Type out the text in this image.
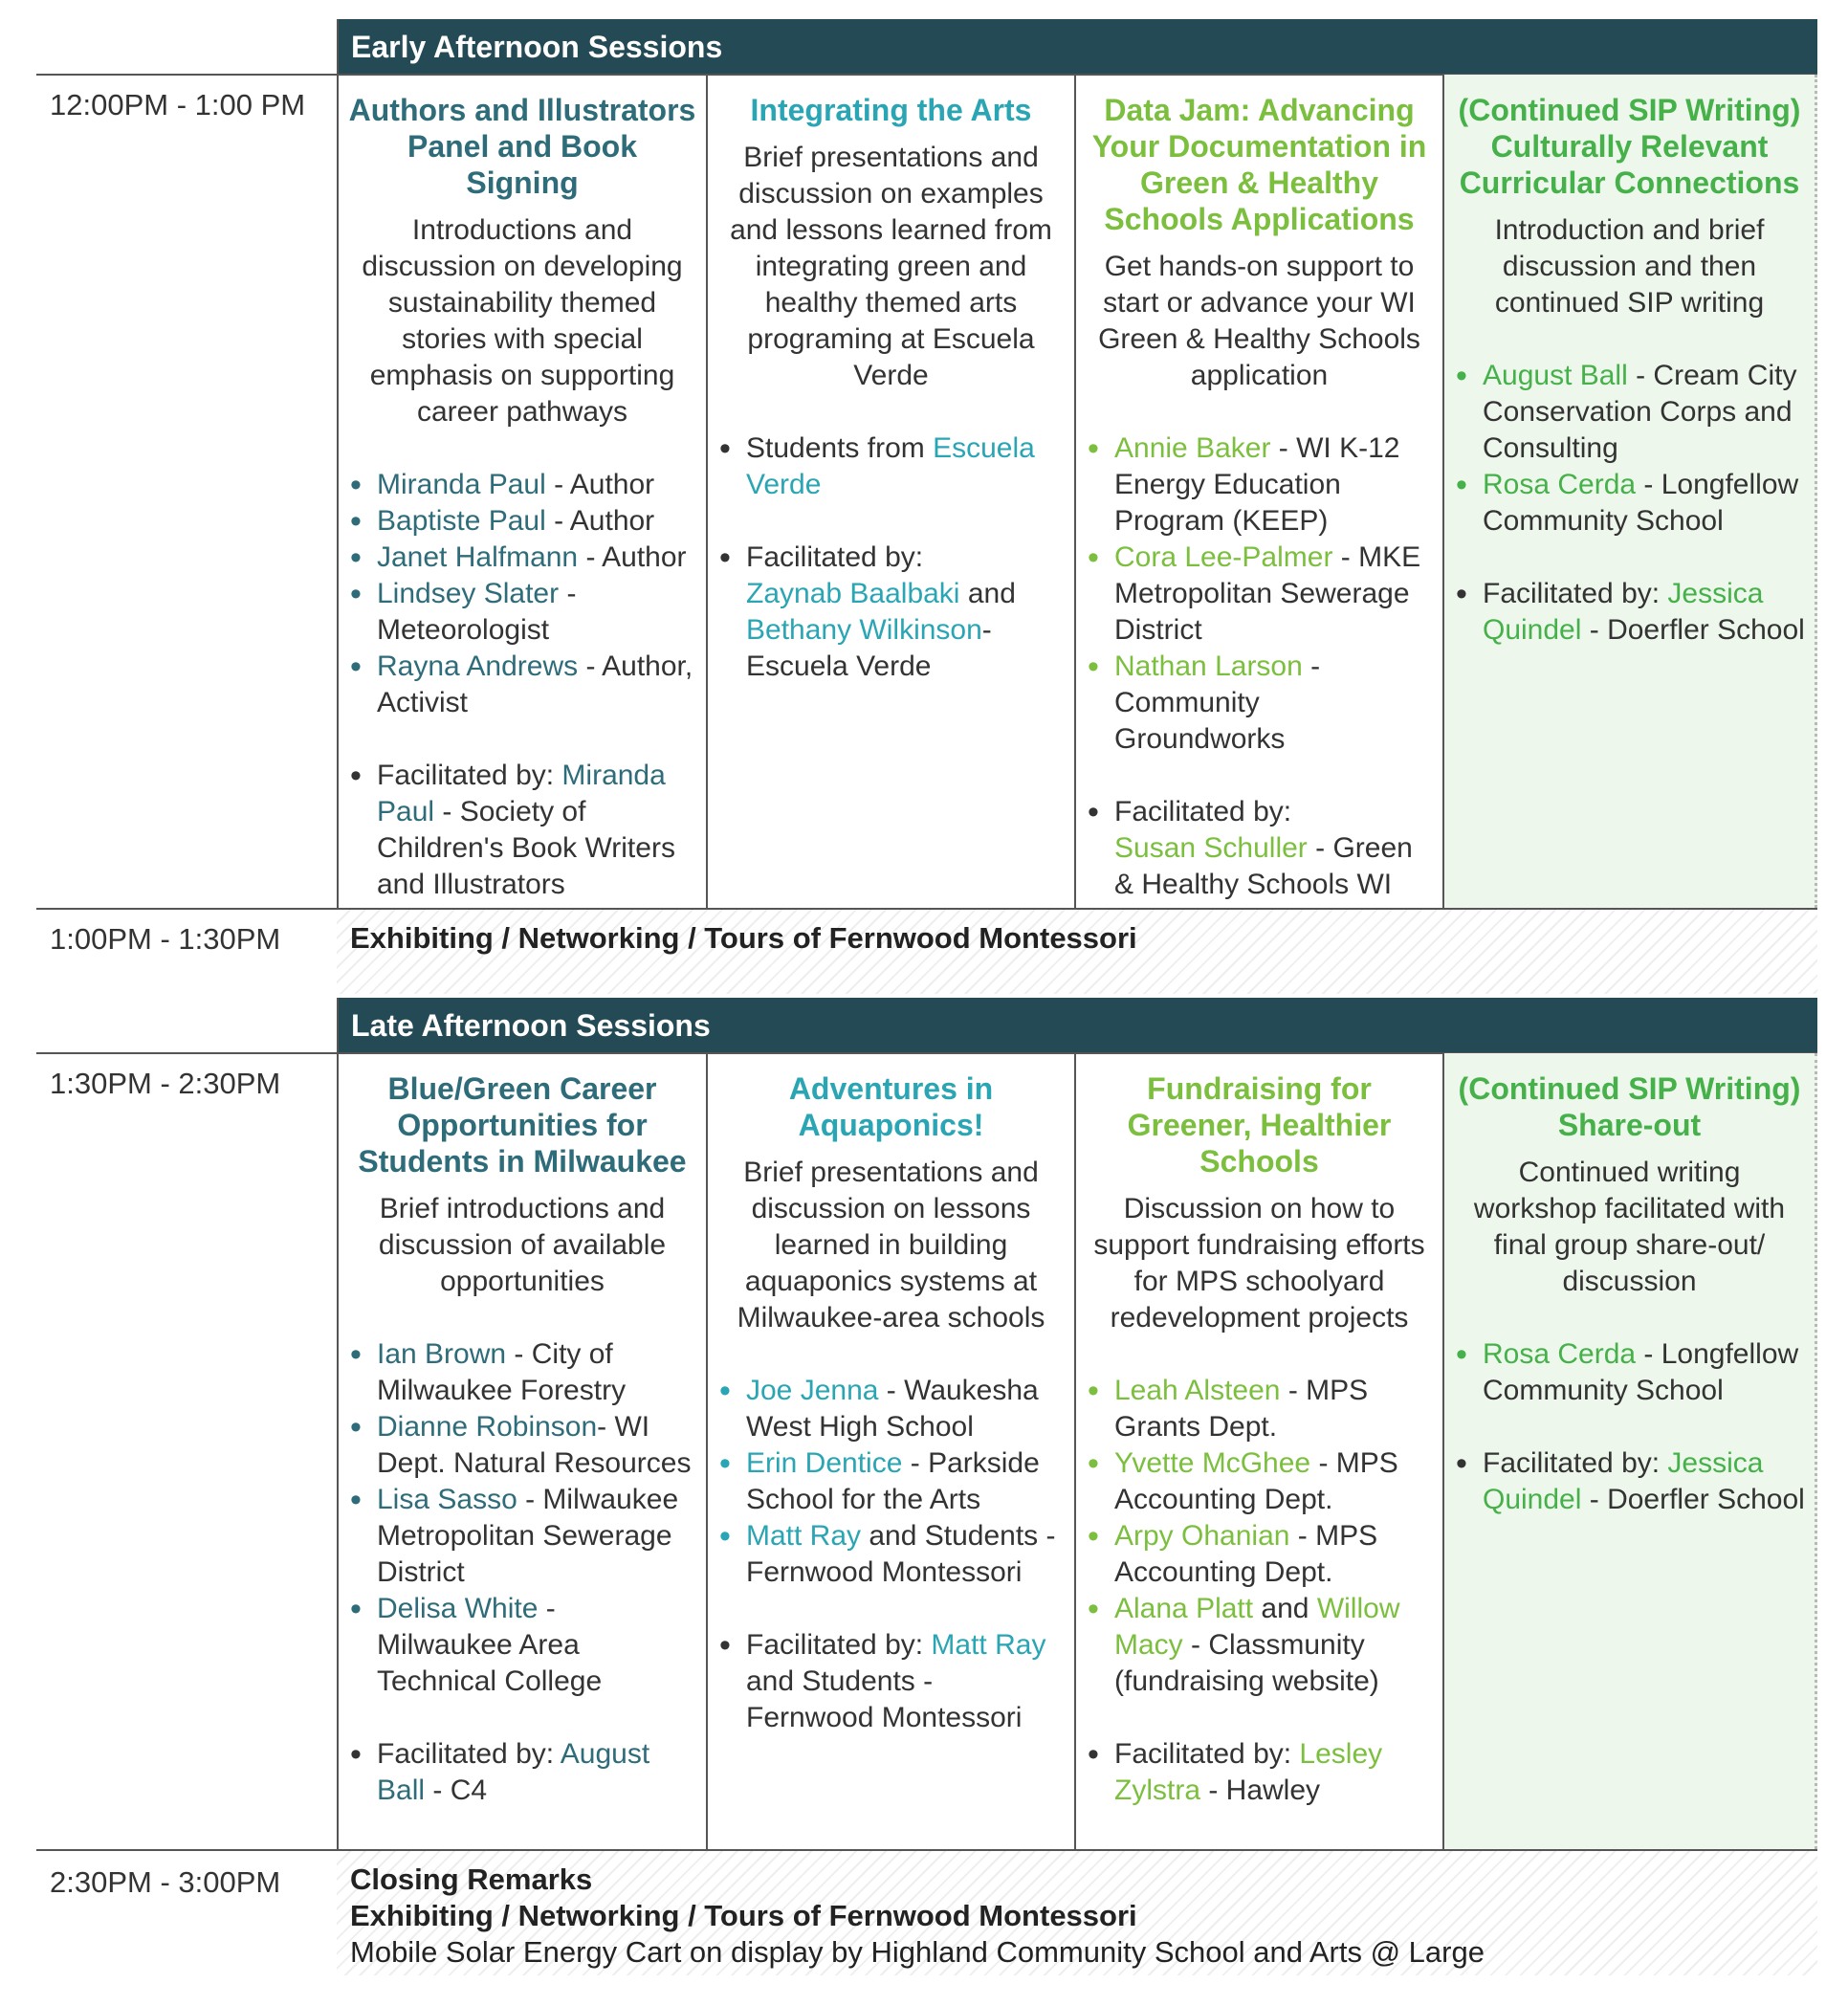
Early Afternoon Sessions
12:00PM - 1:00 PM Authors and Illustrators Panel and Book Signing
Introductions and discussion on developing sustainability themed stories with special emphasis on supporting career pathways
• Miranda Paul - Author
• Baptiste Paul - Author
• Janet Halfmann - Author
• Lindsey Slater - Meteorologist
• Rayna Andrews - Author, Activist
• Facilitated by: Miranda Paul - Society of Children's Book Writers and Illustrators
Integrating the Arts
Brief presentations and discussion on examples and lessons learned from integrating green and healthy themed arts programing at Escuela Verde
• Students from Escuela Verde
• Facilitated by:
Zaynab Baalbaki and Bethany Wilkinson- Escuela Verde
Data Jam: Advancing Your Documentation in Green & Healthy Schools Applications
Get hands-on support to start or advance your WI Green & Healthy Schools application
• Annie Baker - WI K-12 Energy Education Program (KEEP)
• Cora Lee-Palmer - MKE Metropolitan Sewerage District
• Nathan Larson - Community Groundworks
• Facilitated by:
Susan Schuller - Green & Healthy Schools WI
(Continued SIP Writing) Culturally Relevant Curricular Connections
Introduction and brief discussion and then continued SIP writing
• August Ball - Cream City Conservation Corps and Consulting
• Rosa Cerda - Longfellow Community School
• Facilitated by: Jessica Quindel - Doerfler School
1:00PM - 1:30PM Exhibiting / Networking / Tours of Fernwood Montessori
Late Afternoon Sessions
1:30PM - 2:30PM	Blue/Green Career Opportunities for Students in Milwaukee
Brief introductions and discussion of available opportunities
• Ian Brown - City of Milwaukee Forestry
• Dianne Robinson- WI Dept. Natural Resources
• Lisa Sasso - Milwaukee Metropolitan Sewerage District
• Delisa White - Milwaukee Area Technical College
• Facilitated by: August Ball - C4
Adventures in Aquaponics!
Brief presentations and discussion on lessons learned in building aquaponics systems at Milwaukee-area schools
• Joe Jenna - Waukesha West High School
• Erin Dentice - Parkside School for the Arts
• Matt Ray and Students - Fernwood Montessori
• Facilitated by: Matt Ray and Students - Fernwood Montessori
Fundraising for Greener, Healthier Schools
Discussion on how to support fundraising efforts for MPS schoolyard redevelopment projects
• Leah Alsteen - MPS Grants Dept.
• Yvette McGhee - MPS Accounting Dept.
• Arpy Ohanian - MPS Accounting Dept.
• Alana Platt and Willow Macy - Classmunity (fundraising website)
• Facilitated by: Lesley Zylstra - Hawley
(Continued SIP Writing) Share-out
Continued writing workshop facilitated with final group share-out/ discussion
• Rosa Cerda - Longfellow Community School
• Facilitated by: Jessica Quindel - Doerfler School
2:30PM - 3:00PM Closing Remarks
Exhibiting / Networking / Tours of Fernwood Montessori
Mobile Solar Energy Cart on display by Highland Community School and Arts @ Large
